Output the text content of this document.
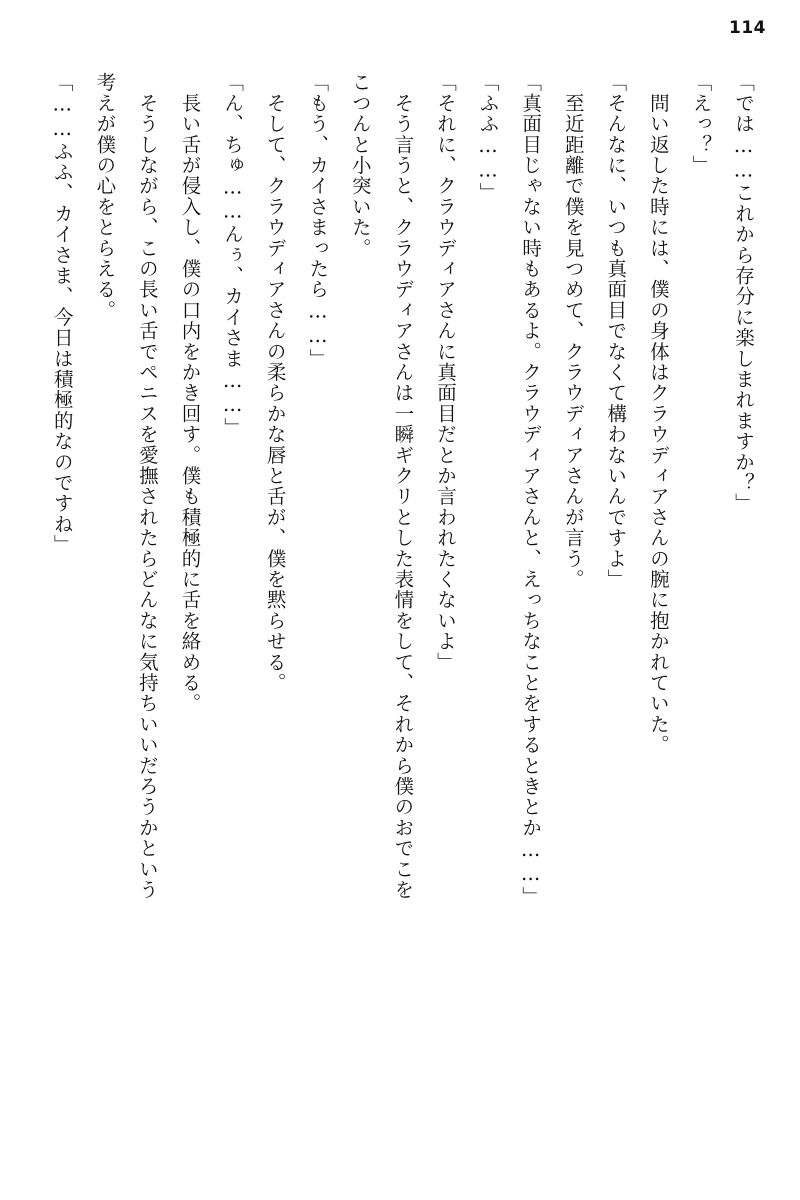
114
「では……これから存分に楽しまれますか？」
「えっ？」
　問い返した時には、僕の身体はクラウディアさんの腕に抱かれていた。
「そんなに、いつも真面目でなくて構わないんですよ」
　至近距離で僕を見つめて、クラウディアさんが言う。
「真面目じゃない時もあるよ。クラウディアさんと、えっちなことをするときとか……」
「ふふ……」
「それに、クラウディアさんに真面目だとか言われたくないよ」
　そう言うと、クラウディアさんは一瞬ギクリとした表情をして、それから僕のおでこを
こつんと小突いた。
「もう、カイさまったら……」
　そして、クラウディアさんの柔らかな唇と舌が、僕を黙らせる。
「ん、ちゅ……んぅ、カイさま……」
　長い舌が侵入し、僕の口内をかき回す。僕も積極的に舌を絡める。
　そうしながら、この長い舌でペニスを愛撫されたらどんなに気持ちいいだろうかという
考えが僕の心をとらえる。
「……ふふ、カイさま、今日は積極的なのですね」
